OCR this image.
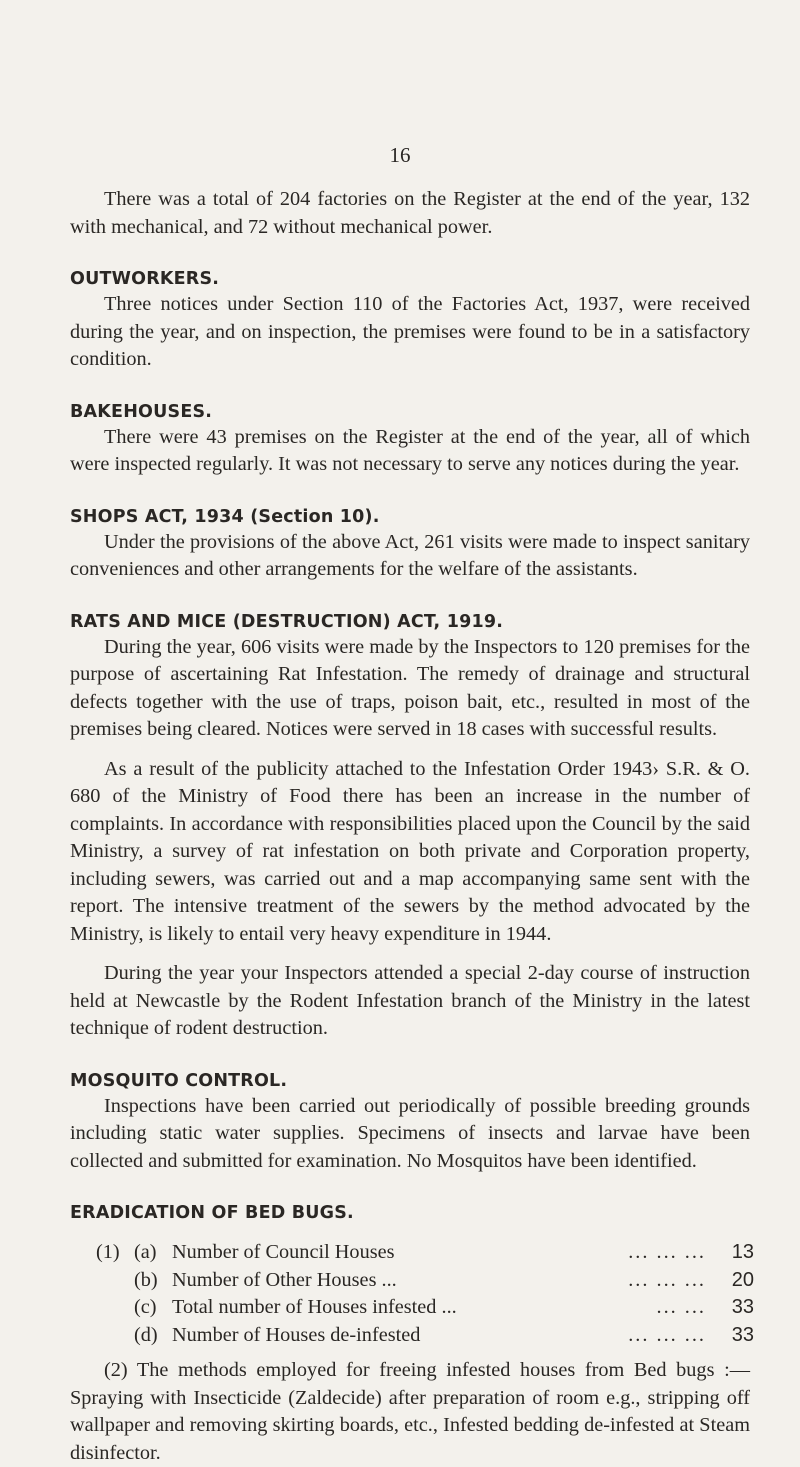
16

There was a total of 204 factories on the Register at the end of the year, 132 with mechanical, and 72 without mechanical power.

OUTWORKERS.

Three notices under Section 110 of the Factories Act, 1937, were received during the year, and on inspection, the premises were found to be in a satisfactory condition.

BAKEHOUSES.

There were 43 premises on the Register at the end of the year, all of which were inspected regularly. It was not necessary to serve any notices during the year.

SHOPS ACT, 1934 (Section 10).

Under the provisions of the above Act, 261 visits were made to inspect sanitary conveniences and other arrangements for the welfare of the assistants.

RATS AND MICE (DESTRUCTION) ACT, 1919.

During the year, 606 visits were made by the Inspectors to 120 premises for the purpose of ascertaining Rat Infestation. The remedy of drainage and structural defects together with the use of traps, poison bait, etc., resulted in most of the premises being cleared. Notices were served in 18 cases with successful results.

As a result of the publicity attached to the Infestation Order 1943› S.R. & O. 680 of the Ministry of Food there has been an increase in the number of complaints. In accordance with responsibilities placed upon the Council by the said Ministry, a survey of rat infestation on both private and Corporation property, including sewers, was carried out and a map accompanying same sent with the report. The intensive treatment of the sewers by the method advocated by the Ministry, is likely to entail very heavy expenditure in 1944.

During the year your Inspectors attended a special 2-day course of instruction held at Newcastle by the Rodent Infestation branch of the Ministry in the latest technique of rodent destruction.

MOSQUITO CONTROL.

Inspections have been carried out periodically of possible breeding grounds including static water supplies. Specimens of insects and larvae have been collected and submitted for examination. No Mosquitos have been identified.

ERADICATION OF BED BUGS.
(1) (a) Number of Council Houses	... ... ...	13
(b) Number of Other Houses ...	... ... ...	20
(c) Total number of Houses infested ...	... ...	33
(d) Number of Houses de-infested	... ... ...	33

(2) The methods employed for freeing infested houses from Bed bugs :—Spraying with Insecticide (Zaldecide) after preparation of room e.g., stripping off wallpaper and removing skirting boards, etc., Infested bedding de-infested at Steam disinfector.
